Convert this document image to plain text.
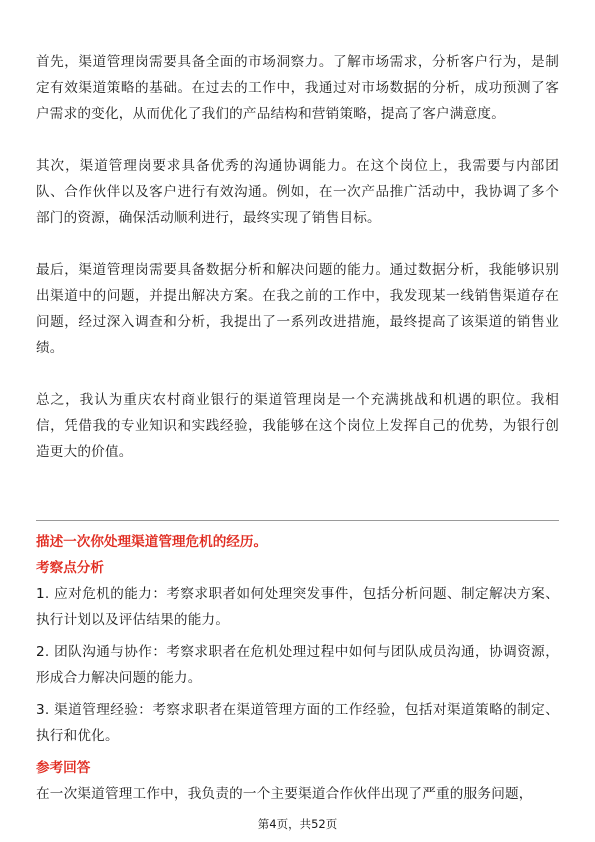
首先，渠道管理岗需要具备全面的市场洞察力。了解市场需求，分析客户行为，是制定有效渠道策略的基础。在过去的工作中，我通过对市场数据的分析，成功预测了客户需求的变化，从而优化了我们的产品结构和营销策略，提高了客户满意度。

其次，渠道管理岗要求具备优秀的沟通协调能力。在这个岗位上，我需要与内部团队、合作伙伴以及客户进行有效沟通。例如，在一次产品推广活动中，我协调了多个部门的资源，确保活动顺利进行，最终实现了销售目标。

最后，渠道管理岗需要具备数据分析和解决问题的能力。通过数据分析，我能够识别出渠道中的问题，并提出解决方案。在我之前的工作中，我发现某一线销售渠道存在问题，经过深入调查和分析，我提出了一系列改进措施，最终提高了该渠道的销售业绩。

总之，我认为重庆农村商业银行的渠道管理岗是一个充满挑战和机遇的职位。我相信，凭借我的专业知识和实践经验，我能够在这个岗位上发挥自己的优势，为银行创造更大的价值。

描述一次你处理渠道管理危机的经历。

考察点分析

1. 应对危机的能力：考察求职者如何处理突发事件，包括分析问题、制定解决方案、执行计划以及评估结果的能力。
2. 团队沟通与协作：考察求职者在危机处理过程中如何与团队成员沟通，协调资源，形成合力解决问题的能力。
3. 渠道管理经验：考察求职者在渠道管理方面的工作经验，包括对渠道策略的制定、执行和优化。

参考回答

在一次渠道管理工作中，我负责的一个主要渠道合作伙伴出现了严重的服务问题，

第4页，共52页
